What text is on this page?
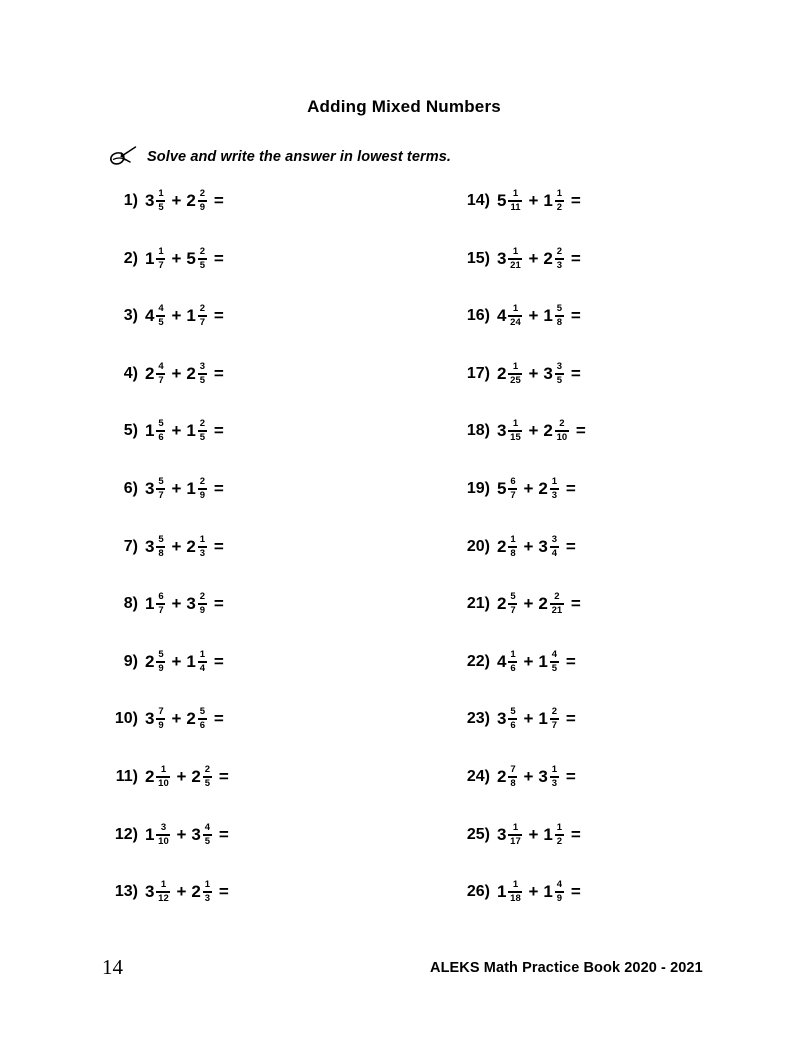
Adding Mixed Numbers
Solve and write the answer in lowest terms.
1) $3 \frac{1}{5} + 2 \frac{2}{9}$ =
2) $1 \frac{1}{7} + 5 \frac{2}{5}$ =
3) $4 \frac{4}{5} + 1 \frac{2}{7}$ =
4) $2 \frac{4}{7} + 2 \frac{3}{5}$ =
5) $1 \frac{5}{6} + 1 \frac{2}{5}$ =
6) $3 \frac{5}{7} + 1 \frac{2}{9}$ =
7) $3 \frac{5}{8} + 2 \frac{1}{3}$ =
8) $1 \frac{6}{7} + 3 \frac{2}{9}$ =
9) $2 \frac{5}{9} + 1 \frac{1}{4}$ =
10) $3 \frac{7}{9} + 2 \frac{5}{6}$ =
11) $2 \frac{1}{10} + 2 \frac{2}{5}$ =
12) $1 \frac{3}{10} + 3 \frac{4}{5}$ =
13) $3 \frac{1}{12} + 2 \frac{1}{3}$ =
14) $5 \frac{1}{11} + 1 \frac{1}{2}$ =
15) $3 \frac{1}{21} + 2 \frac{2}{3}$ =
16) $4 \frac{1}{24} + 1 \frac{5}{8}$ =
17) $2 \frac{1}{25} + 3 \frac{3}{5}$ =
18) $3 \frac{1}{15} + 2 \frac{2}{10}$ =
19) $5 \frac{6}{7} + 2 \frac{1}{3}$ =
20) $2 \frac{1}{8} + 3 \frac{3}{4}$ =
21) $2 \frac{5}{7} + 2 \frac{2}{21}$ =
22) $4 \frac{1}{6} + 1 \frac{4}{5}$ =
23) $3 \frac{5}{6} + 1 \frac{2}{7}$ =
24) $2 \frac{7}{8} + 3 \frac{1}{3}$ =
25) $3 \frac{1}{17} + 1 \frac{1}{2}$ =
26) $1 \frac{1}{18} + 1 \frac{4}{9}$ =
14	ALEKS Math Practice Book 2020 - 2021
